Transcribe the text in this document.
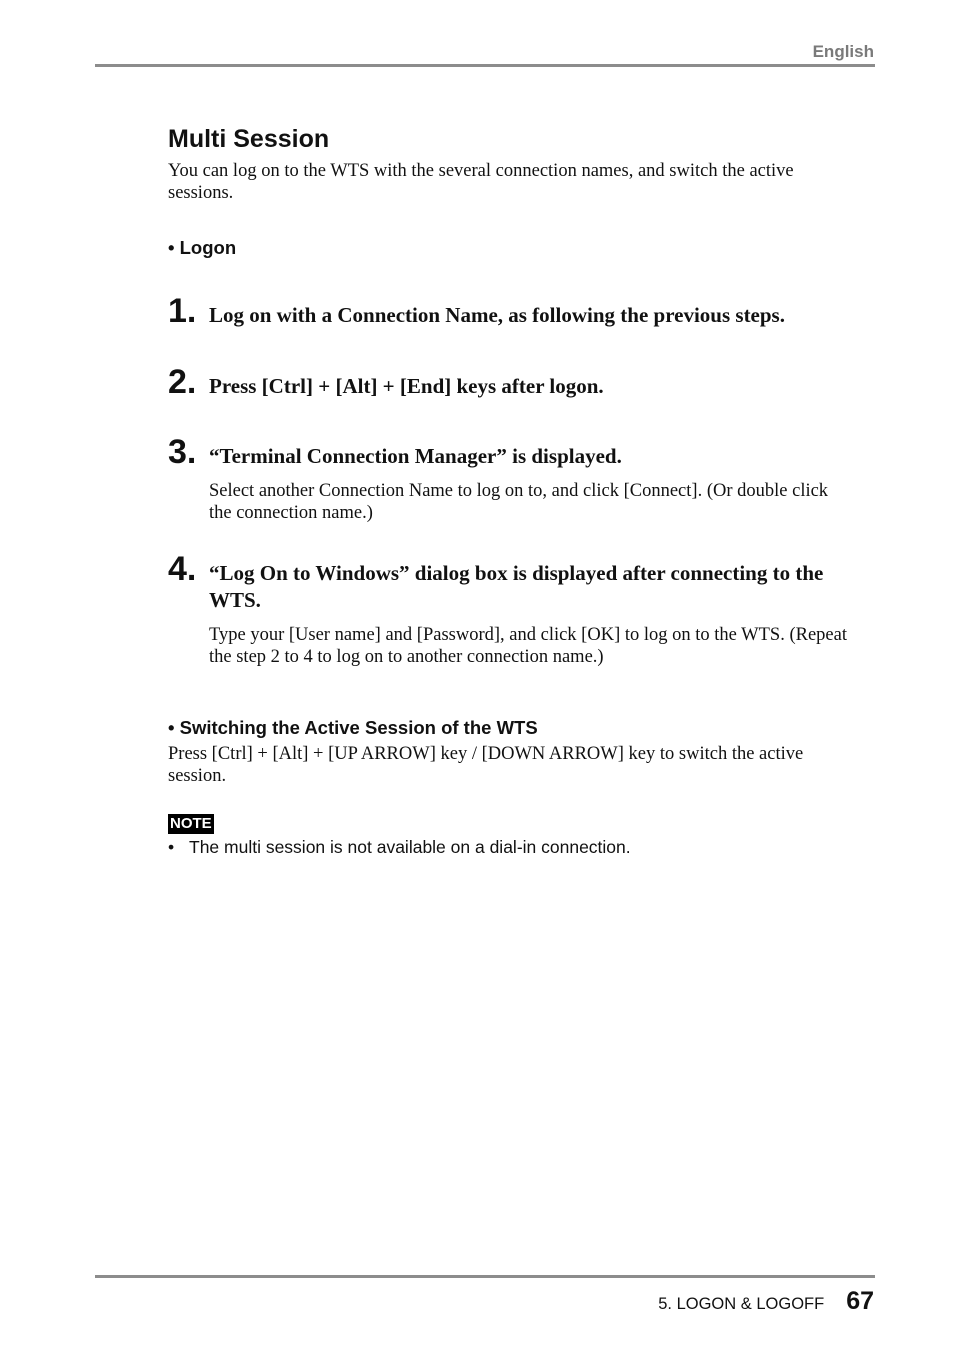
English
Multi Session

You can log on to the WTS with the several connection names, and switch the active sessions.

• Logon

1. Log on with a Connection Name, as following the previous steps.

2. Press [Ctrl] + [Alt] + [End] keys after logon.

3. “Terminal Connection Manager” is displayed.

Select another Connection Name to log on to, and click [Connect]. (Or double click the connection name.)

4. “Log On to Windows” dialog box is displayed after connecting to the WTS.

Type your [User name] and [Password], and click [OK] to log on to the WTS. (Repeat the step 2 to 4 to log on to another connection name.)

• Switching the Active Session of the WTS

Press [Ctrl] + [Alt] + [UP ARROW] key / [DOWN ARROW] key to switch the active session.

NOTE

• The multi session is not available on a dial-in connection.

5. LOGON & LOGOFF 67
